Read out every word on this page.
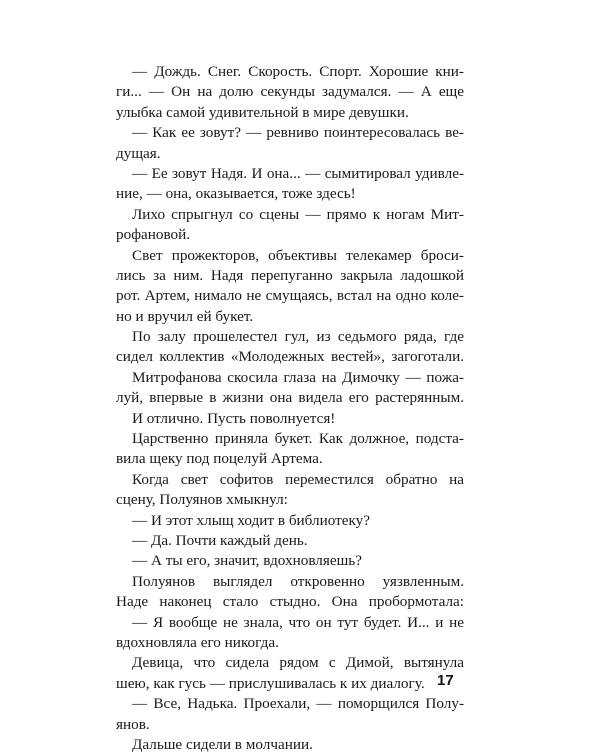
— Дождь. Снег. Скорость. Спорт. Хорошие кни-
ги... — Он на долю секунды задумался. — А еще
улыбка самой удивительной в мире девушки.
— Как ее зовут? — ревниво поинтересовалась ве-
дущая.
— Ее зовут Надя. И она... — сымитировал удивле-
ние, — она, оказывается, тоже здесь!
Лихо спрыгнул со сцены — прямо к ногам Мит-
рофановой.
Свет прожекторов, объективы телекамер броси-
лись за ним. Надя перепуганно закрыла ладошкой
рот. Артем, нимало не смущаясь, встал на одно коле-
но и вручил ей букет.
По залу прошелестел гул, из седьмого ряда, где
сидел коллектив «Молодежных вестей», загоготали.
Митрофанова скосила глаза на Димочку — пожа-
луй, впервые в жизни она видела его растерянным.
И отлично. Пусть поволнуется!
Царственно приняла букет. Как должное, подста-
вила щеку под поцелуй Артема.
Когда свет софитов переместился обратно на
сцену, Полуянов хмыкнул:
— И этот хлыщ ходит в библиотеку?
— Да. Почти каждый день.
— А ты его, значит, вдохновляешь?
Полуянов выглядел откровенно уязвленным.
Наде наконец стало стыдно. Она пробормотала:
— Я вообще не знала, что он тут будет. И... и не
вдохновляла его никогда.
Девица, что сидела рядом с Димой, вытянула
шею, как гусь — прислушивалась к их диалогу.
— Все, Надька. Проехали, — поморщился Полу-
янов.
Дальше сидели в молчании.
17
